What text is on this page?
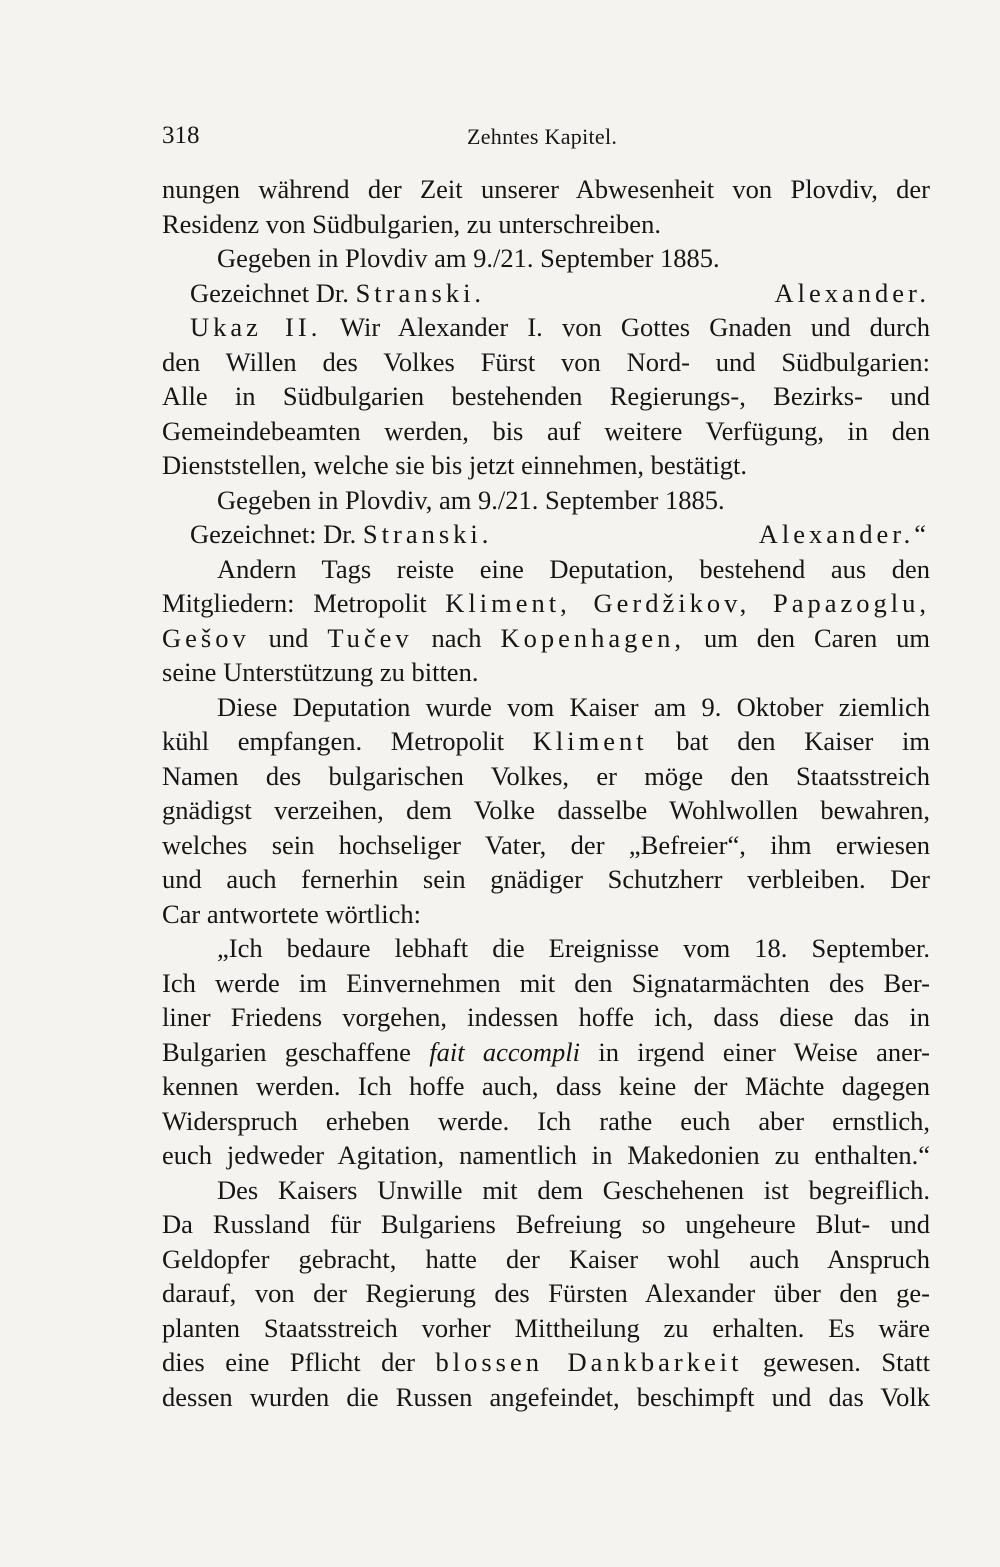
318	Zehntes Kapitel.
nungen während der Zeit unserer Abwesenheit von Plovdiv, der
Residenz von Südbulgarien, zu unterschreiben.
Gegeben in Plovdiv am 9./21. September 1885.
Gezeichnet Dr. Stranski.	Alexander.
Ukaz II. Wir Alexander I. von Gottes Gnaden und durch
den Willen des Volkes Fürst von Nord- und Südbulgarien:
Alle in Südbulgarien bestehenden Regierungs-, Bezirks- und
Gemeindebeamten werden, bis auf weitere Verfügung, in den
Dienststellen, welche sie bis jetzt einnehmen, bestätigt.
Gegeben in Plovdiv, am 9./21. September 1885.
Gezeichnet: Dr. Stranski.	Alexander.“
Andern Tags reiste eine Deputation, bestehend aus den
Mitgliedern: Metropolit Kliment, Gerdžikov, Papazoglu,
Gešov und Tučev nach Kopenhagen, um den Caren um
seine Unterstützung zu bitten.
Diese Deputation wurde vom Kaiser am 9. Oktober ziemlich
kühl empfangen. Metropolit Kliment bat den Kaiser im
Namen des bulgarischen Volkes, er möge den Staatsstreich
gnädigst verzeihen, dem Volke dasselbe Wohlwollen bewahren,
welches sein hochseliger Vater, der „Befreier“, ihm erwiesen
und auch fernerhin sein gnädiger Schutzherr verbleiben. Der
Car antwortete wörtlich:
„Ich bedaure lebhaft die Ereignisse vom 18. September.
Ich werde im Einvernehmen mit den Signatarmächten des Ber-
liner Friedens vorgehen, indessen hoffe ich, dass diese das in
Bulgarien geschaffene fait accompli in irgend einer Weise aner-
kennen werden. Ich hoffe auch, dass keine der Mächte dagegen
Widerspruch erheben werde. Ich rathe euch aber ernstlich,
euch jedweder Agitation, namentlich in Makedonien zu enthalten.“
Des Kaisers Unwille mit dem Geschehenen ist begreiflich.
Da Russland für Bulgariens Befreiung so ungeheure Blut- und
Geldopfer gebracht, hatte der Kaiser wohl auch Anspruch
darauf, von der Regierung des Fürsten Alexander über den ge-
planten Staatsstreich vorher Mittheilung zu erhalten. Es wäre
dies eine Pflicht der blossen Dankbarkeit gewesen. Statt
dessen wurden die Russen angefeindet, beschimpft und das Volk
